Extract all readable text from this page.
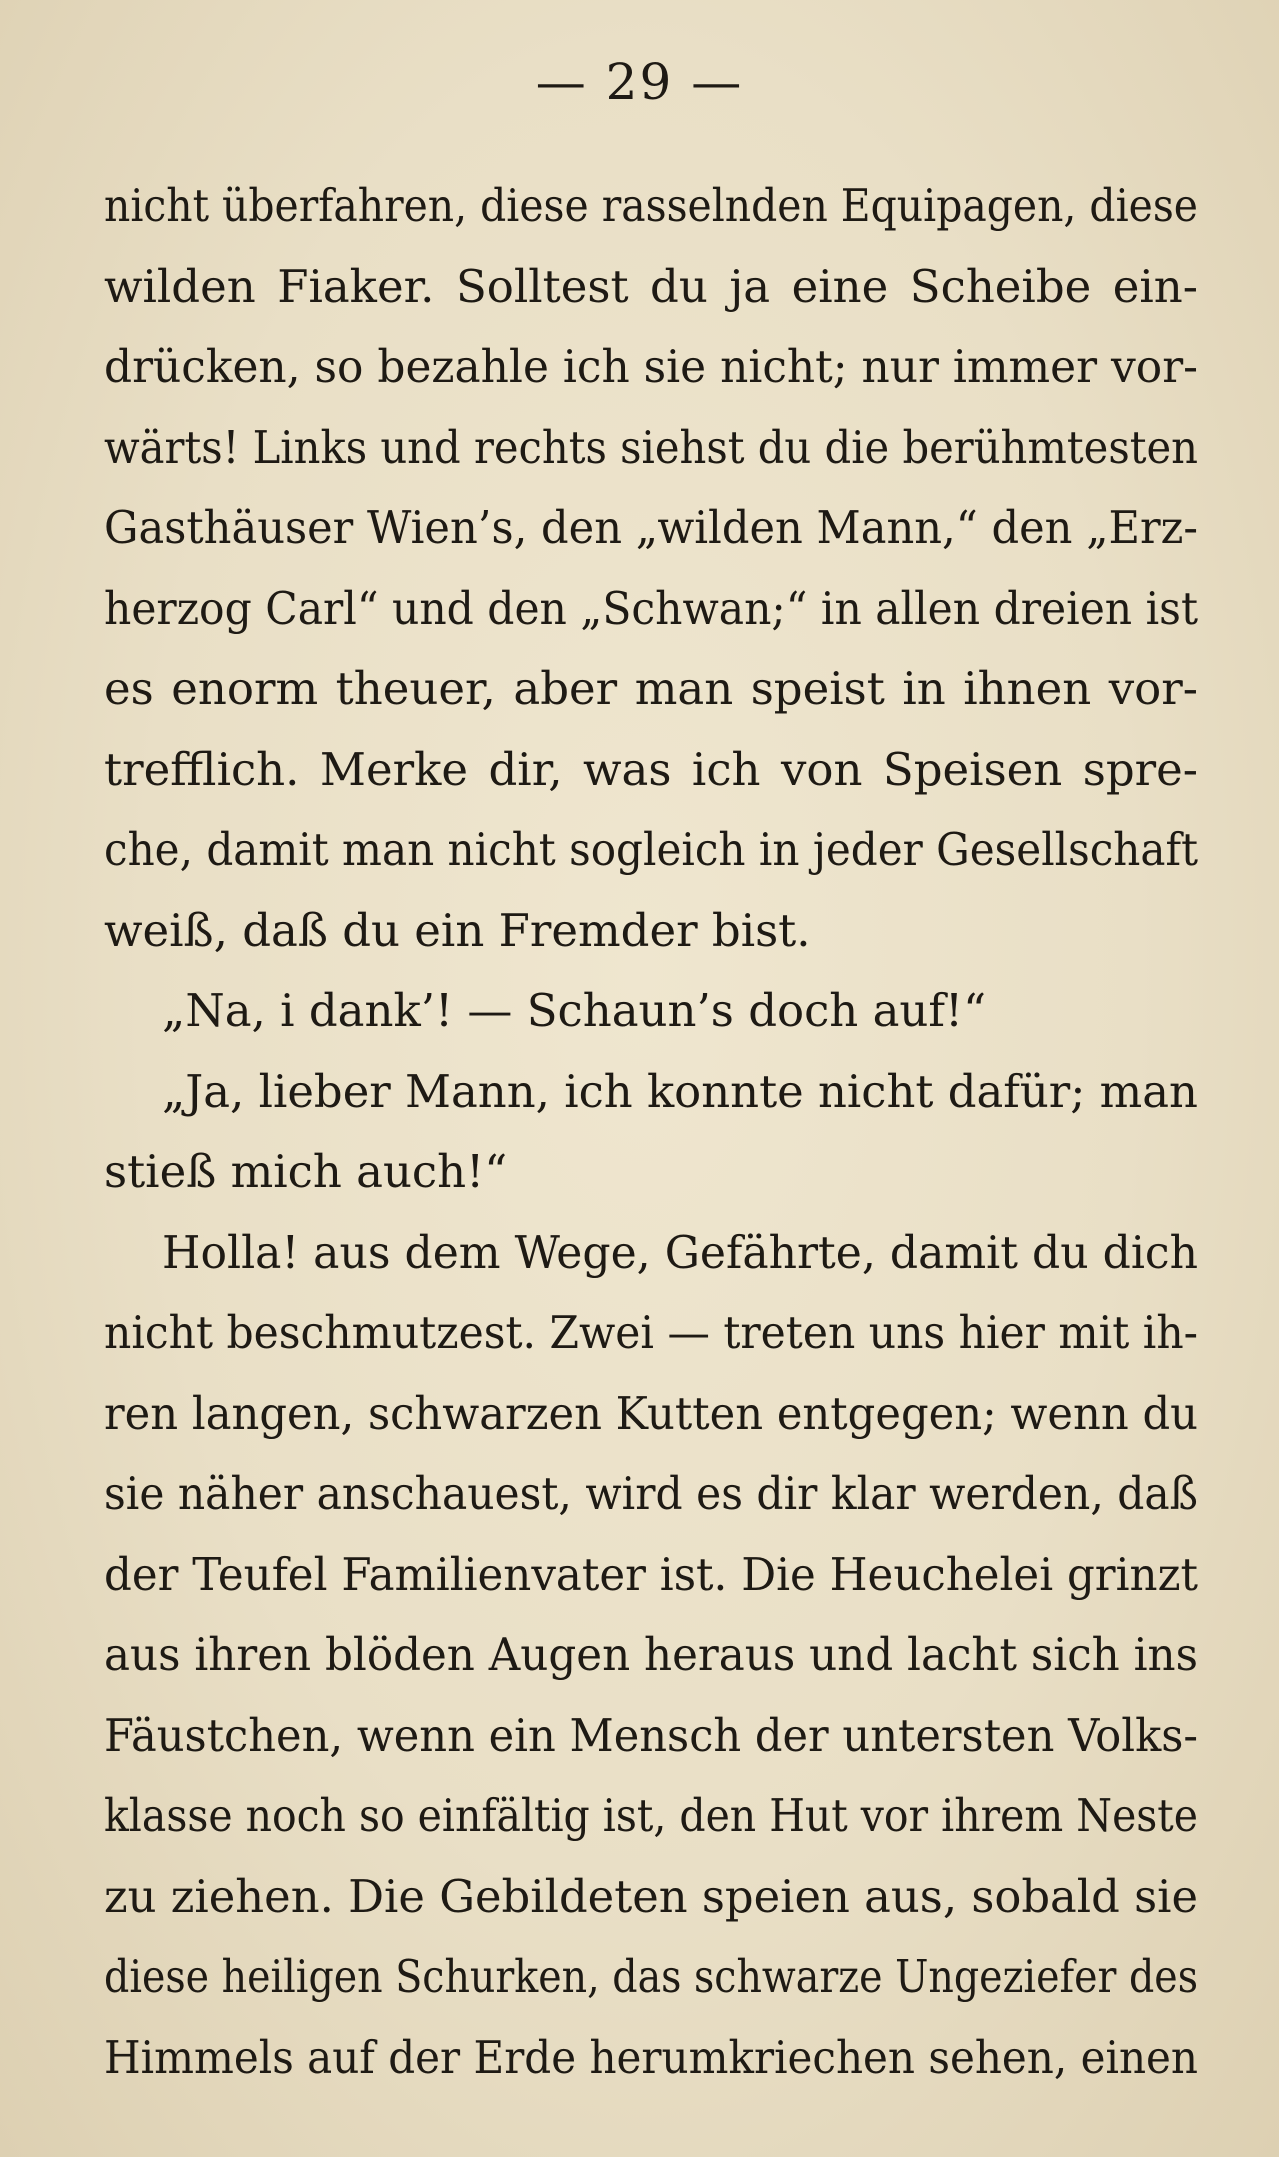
— 29 —
nicht überfahren, diese rasselnden Equipagen, diese
wilden Fiaker. Solltest du ja eine Scheibe ein-
drücken, so bezahle ich sie nicht; nur immer vor-
wärts! Links und rechts siehst du die berühmtesten
Gasthäuser Wien’s, den „wilden Mann,“ den „Erz-
herzog Carl“ und den „Schwan;“ in allen dreien ist
es enorm theuer, aber man speist in ihnen vor-
trefflich. Merke dir, was ich von Speisen spre-
che, damit man nicht sogleich in jeder Gesellschaft
weiß, daß du ein Fremder bist.
„Na, i dank’! — Schaun’s doch auf!“
„Ja, lieber Mann, ich konnte nicht dafür; man
stieß mich auch!“
Holla! aus dem Wege, Gefährte, damit du dich
nicht beschmutzest. Zwei — treten uns hier mit ih-
ren langen, schwarzen Kutten entgegen; wenn du
sie näher anschauest, wird es dir klar werden, daß
der Teufel Familienvater ist. Die Heuchelei grinzt
aus ihren blöden Augen heraus und lacht sich ins
Fäustchen, wenn ein Mensch der untersten Volks-
klasse noch so einfältig ist, den Hut vor ihrem Neste
zu ziehen. Die Gebildeten speien aus, sobald sie
diese heiligen Schurken, das schwarze Ungeziefer des
Himmels auf der Erde herumkriechen sehen, einen
